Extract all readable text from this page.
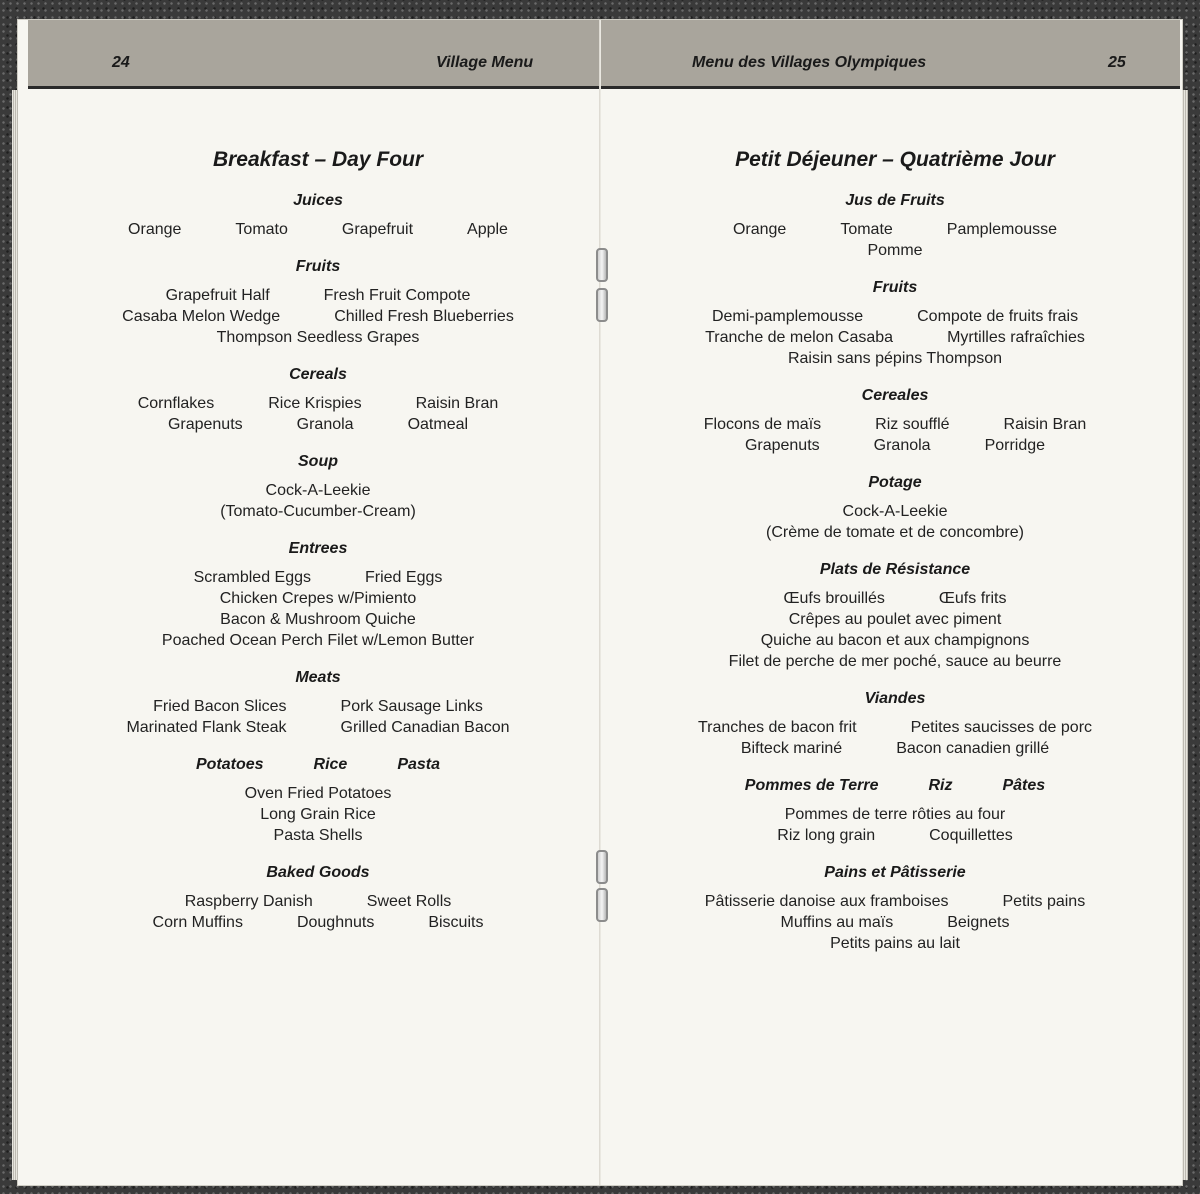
24	Village Menu	Menu des Villages Olympiques	25
Breakfast – Day Four
Juices
Orange	Tomato	Grapefruit	Apple
Fruits
Grapefruit Half	Fresh Fruit Compote
Casaba Melon Wedge	Chilled Fresh Blueberries
Thompson Seedless Grapes
Cereals
Cornflakes	Rice Krispies	Raisin Bran
Grapenuts	Granola	Oatmeal
Soup
Cock-A-Leekie
(Tomato-Cucumber-Cream)
Entrees
Scrambled Eggs	Fried Eggs
Chicken Crepes w/Pimiento
Bacon & Mushroom Quiche
Poached Ocean Perch Filet w/Lemon Butter
Meats
Fried Bacon Slices	Pork Sausage Links
Marinated Flank Steak	Grilled Canadian Bacon
Potatoes	Rice	Pasta
Oven Fried Potatoes
Long Grain Rice
Pasta Shells
Baked Goods
Raspberry Danish	Sweet Rolls
Corn Muffins	Doughnuts	Biscuits
Petit Déjeuner – Quatrième Jour
Jus de Fruits
Orange	Tomate	Pamplemousse
Pomme
Fruits
Demi-pamplemousse	Compote de fruits frais
Tranche de melon Casaba	Myrtilles rafraîchies
Raisin sans pépins Thompson
Cereales
Flocons de maïs	Riz soufflé	Raisin Bran
Grapenuts	Granola	Porridge
Potage
Cock-A-Leekie
(Crème de tomate et de concombre)
Plats de Résistance
Œufs brouillés	Œufs frits
Crêpes au poulet avec piment
Quiche au bacon et aux champignons
Filet de perche de mer poché, sauce au beurre
Viandes
Tranches de bacon frit	Petites saucisses de porc
Bifteck mariné	Bacon canadien grillé
Pommes de Terre	Riz	Pâtes
Pommes de terre rôties au four
Riz long grain	Coquillettes
Pains et Pâtisserie
Pâtisserie danoise aux framboises	Petits pains
Muffins au maïs	Beignets
Petits pains au lait
